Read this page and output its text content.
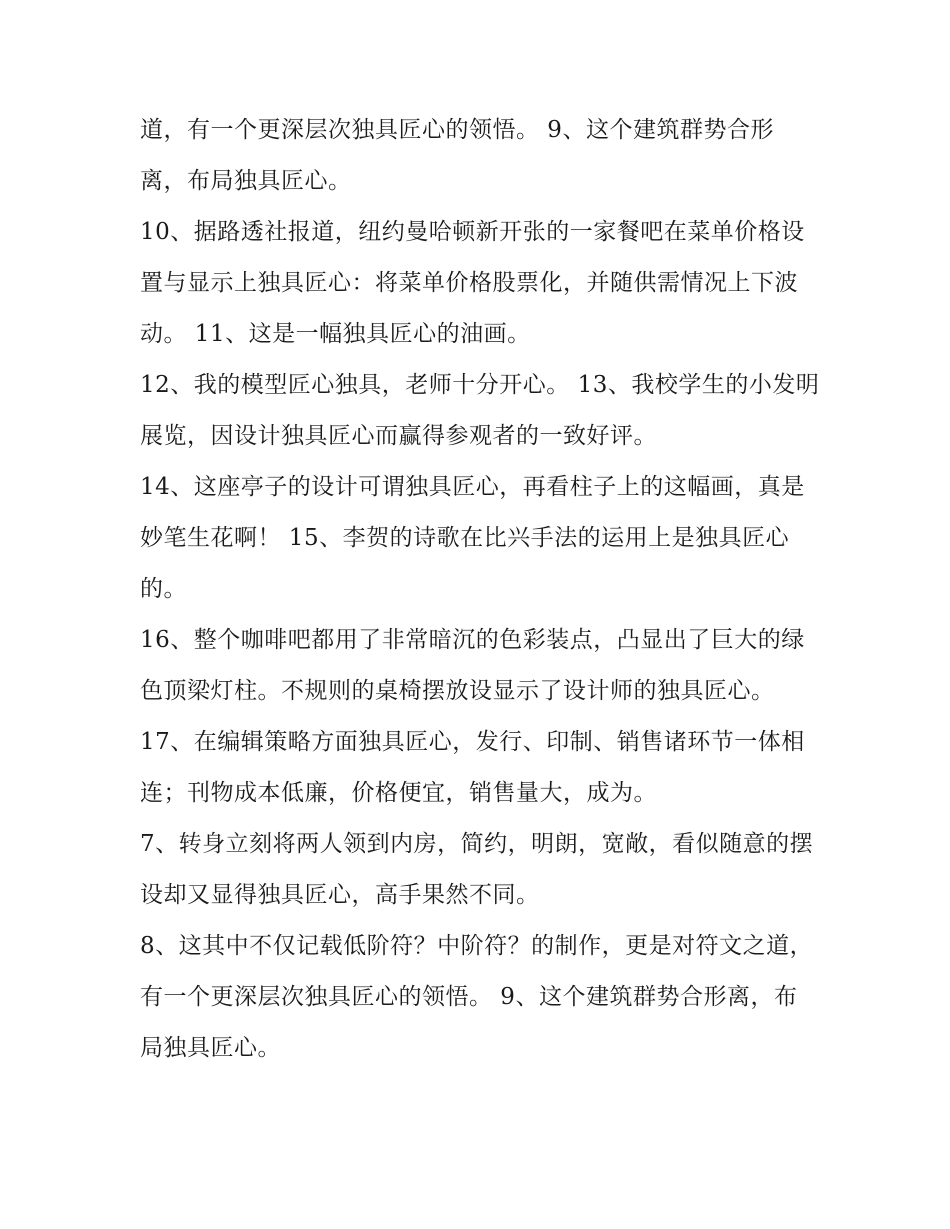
道，有一个更深层次独具匠心的领悟。 9、这个建筑群势合形离，布局独具匠心。

10、据路透社报道，纽约曼哈顿新开张的一家餐吧在菜单价格设置与显示上独具匠心：将菜单价格股票化，并随供需情况上下波动。 11、这是一幅独具匠心的油画。

12、我的模型匠心独具，老师十分开心。 13、我校学生的小发明展览，因设计独具匠心而赢得参观者的一致好评。

14、这座亭子的设计可谓独具匠心，再看柱子上的这幅画，真是妙笔生花啊！ 15、李贺的诗歌在比兴手法的运用上是独具匠心的。

16、整个咖啡吧都用了非常暗沉的色彩装点，凸显出了巨大的绿色顶梁灯柱。不规则的桌椅摆放设显示了设计师的独具匠心。

17、在编辑策略方面独具匠心，发行、印制、销售诸环节一体相连；刊物成本低廉，价格便宜，销售量大，成为。

7、转身立刻将两人领到内房，简约，明朗，宽敞，看似随意的摆设却又显得独具匠心，高手果然不同。

8、这其中不仅记载低阶符？中阶符？的制作，更是对符文之道，有一个更深层次独具匠心的领悟。 9、这个建筑群势合形离，布局独具匠心。
